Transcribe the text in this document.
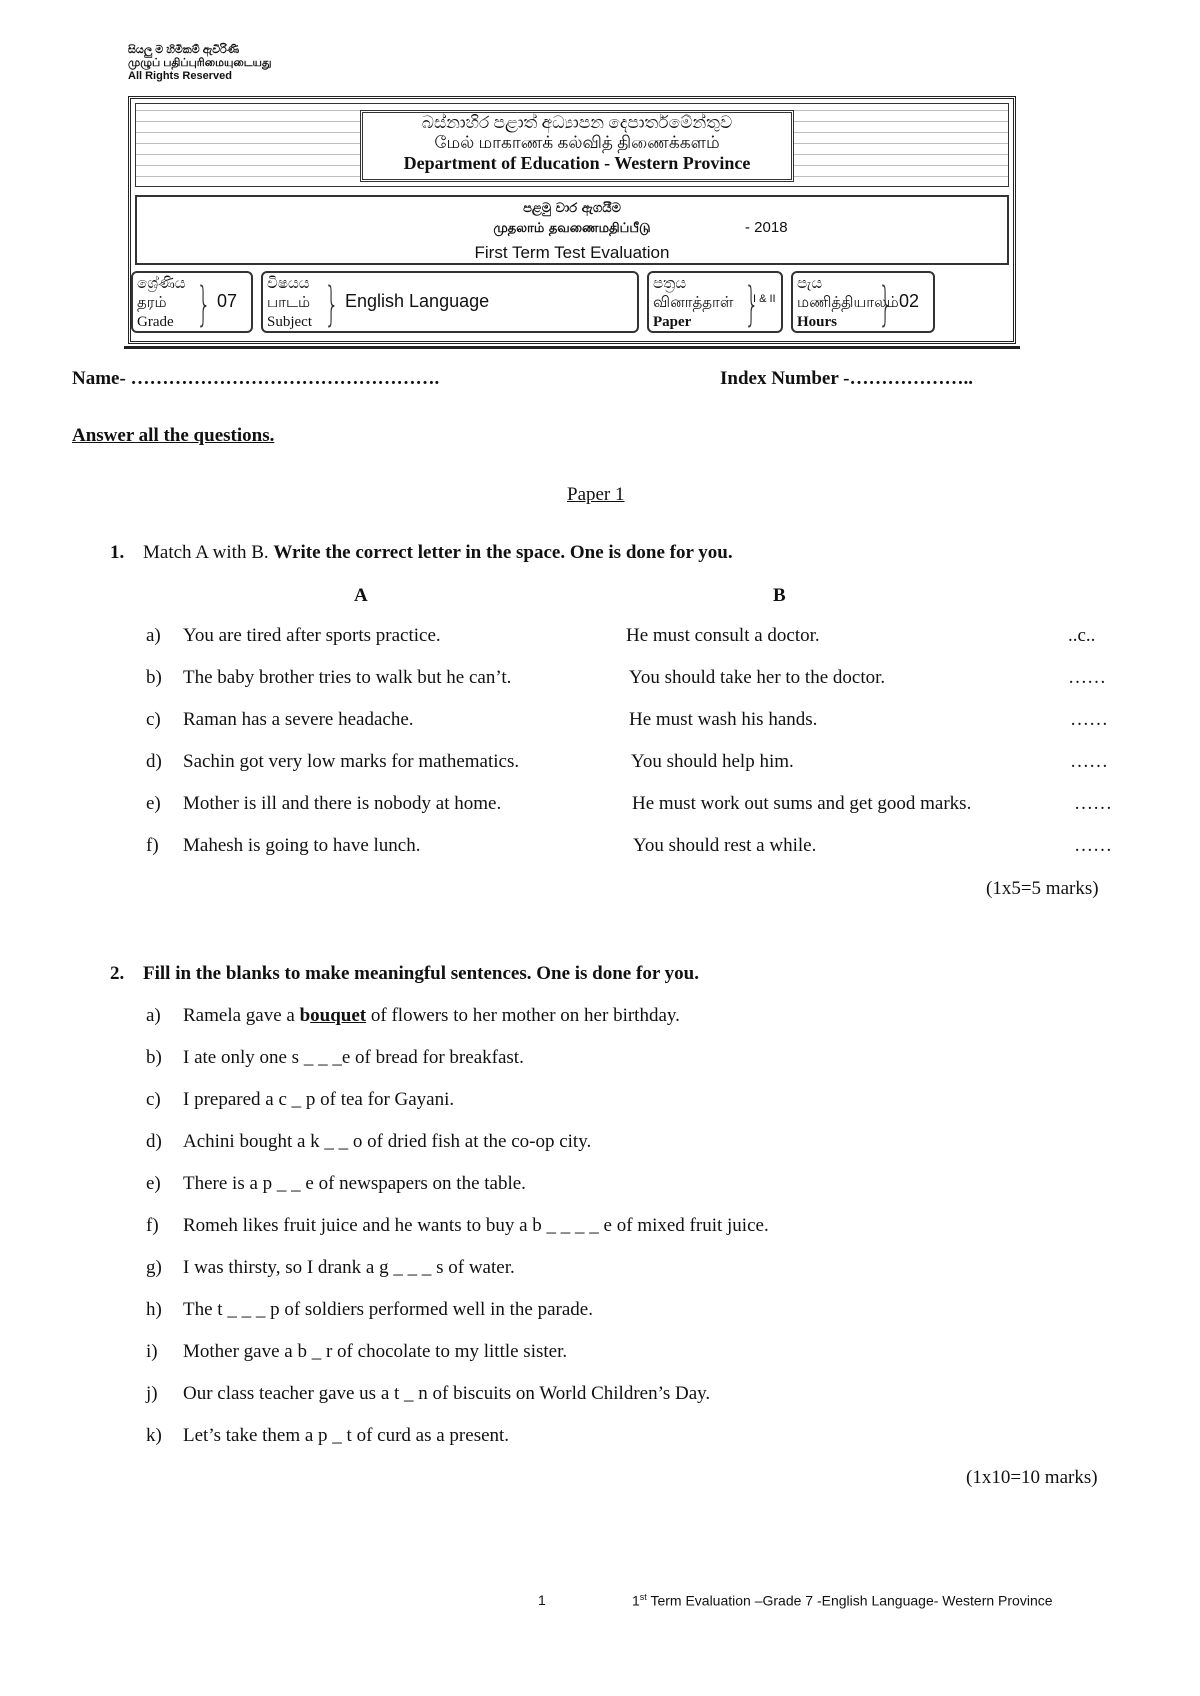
සියලු ම හිමිකම් ඇවිරිණි
முழுப் பதிப்புரிமையுடையது
All Rights Reserved
බස්නාහිර පළාත් අධ්‍යාපන දෙපාර්තමේන්තුව
மேல் மாகாணக் கல்வித் திணைக்களம்
Department of Education - Western Province
පළමු වාර ඇගයීම
முதலாம் தவணைமதிப்பீடு	- 2018
First Term Test Evaluation
ශ්‍රේණිය
தரம்
Grade } 07
විෂයය
பாடம்
Subject } English Language
පත්‍රය
வினாத்தாள்
Paper	}
I & II
පැය
மணித்தியாலம்
Hours } 02
Name- ………………………………………….	Index Number -………………..
Answer all the questions.
Paper 1
1. Match A with B. Write the correct letter in the space. One is done for you.
A	B
a) You are tired after sports practice.	He must consult a doctor.	..c..
b) The baby brother tries to walk but he can’t.	You should take her to the doctor.	……
c) Raman has a severe headache.	He must wash his hands.	……
d) Sachin got very low marks for mathematics.	You should help him.	……
e) Mother is ill and there is nobody at home.	He must work out sums and get good marks.	……
f) Mahesh is going to have lunch.	You should rest a while.	……
(1x5=5 marks)
2. Fill in the blanks to make meaningful sentences. One is done for you.
a) Ramela gave a bouquet of flowers to her mother on her birthday.
b) I ate only one s _ _ _e of bread for breakfast.
c) I prepared a c _ p of tea for Gayani.
d) Achini bought a k _ _ o of dried fish at the co-op city.
e) There is a p _ _ e of newspapers on the table.
f) Romeh likes fruit juice and he wants to buy a b _ _ _ _ e of mixed fruit juice.
g) I was thirsty, so I drank a g _ _ _ s of water.
h) The t _ _ _ p of soldiers performed well in the parade.
i) Mother gave a b _ r of chocolate to my little sister.
j) Our class teacher gave us a t _ n of biscuits on World Children’s Day.
k) Let’s take them a p _ t of curd as a present.
(1x10=10 marks)
1	1st Term Evaluation –Grade 7 -English Language- Western Province
